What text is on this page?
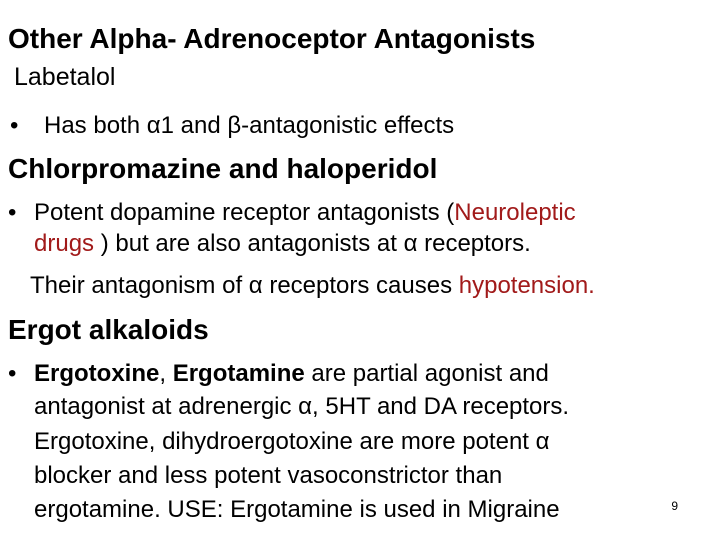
Other Alpha- Adrenoceptor Antagonists
Labetalol
• Has both α1 and β-antagonistic effects
Chlorpromazine and haloperidol
• Potent dopamine receptor antagonists (Neuroleptic
drugs ) but are also antagonists at α receptors.
Their antagonism of α receptors causes hypotension.
Ergot alkaloids
• Ergotoxine, Ergotamine are partial agonist and
antagonist at adrenergic α, 5HT and DA receptors.
Ergotoxine, dihydroergotoxine are more potent α
blocker and less potent vasoconstrictor than
ergotamine. USE: Ergotamine is used in Migraine	9
